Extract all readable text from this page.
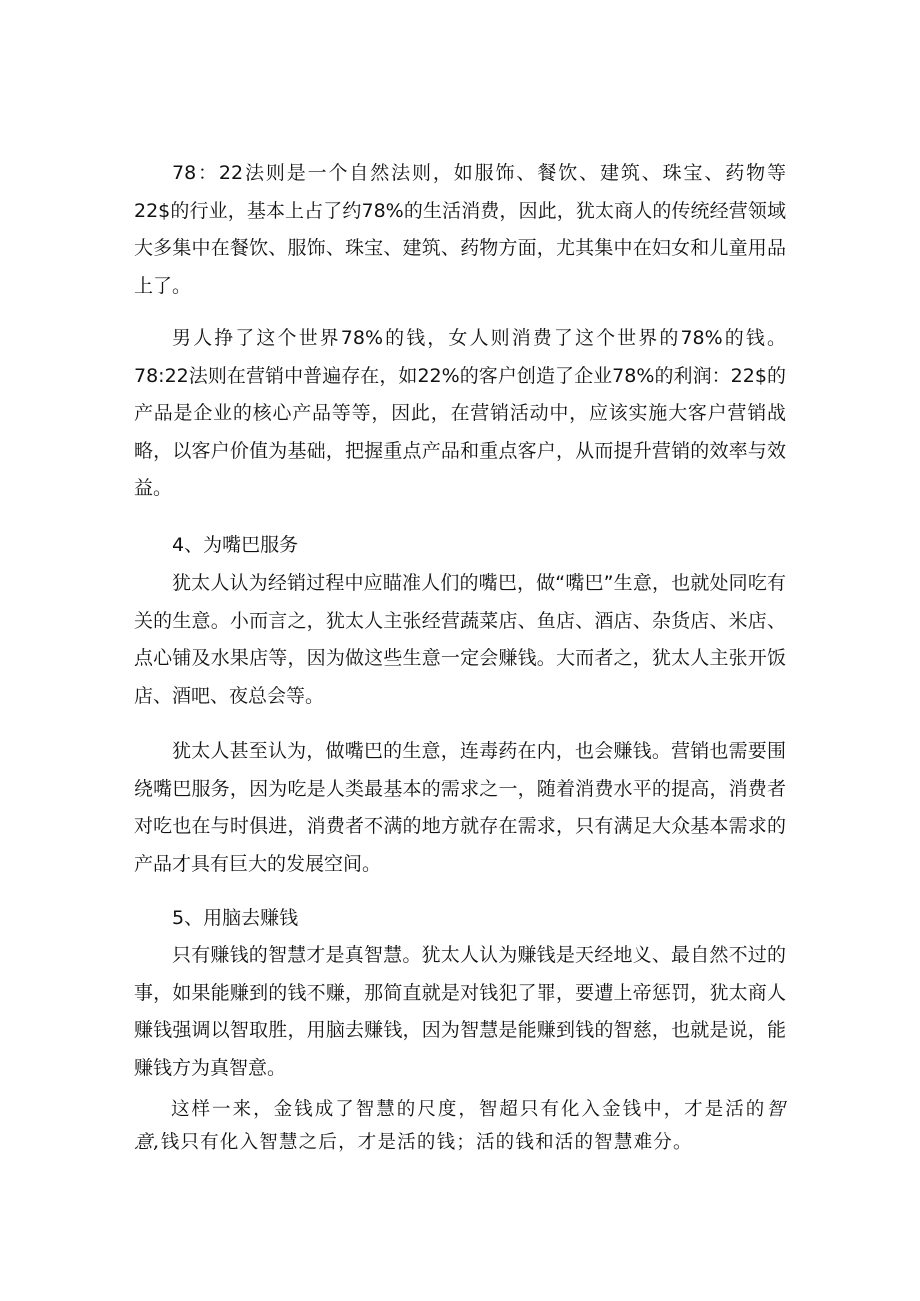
78：22法则是一个自然法则，如服饰、餐饮、建筑、珠宝、药物等22$的行业，基本上占了约78%的生活消费，因此，犹太商人的传统经营领域大多集中在餐饮、服饰、珠宝、建筑、药物方面，尤其集中在妇女和儿童用品上了。

男人挣了这个世界78%的钱，女人则消费了这个世界的78%的钱。78:22法则在营销中普遍存在，如22%的客户创造了企业78%的利润：22$的产品是企业的核心产品等等，因此，在营销活动中，应该实施大客户营销战略，以客户价值为基础，把握重点产品和重点客户，从而提升营销的效率与效益。

4、为嘴巴服务

犹太人认为经销过程中应瞄准人们的嘴巴，做“嘴巴”生意，也就处同吃有关的生意。小而言之，犹太人主张经营蔬菜店、鱼店、酒店、杂货店、米店、点心铺及水果店等，因为做这些生意一定会赚钱。大而者之，犹太人主张开饭店、酒吧、夜总会等。

犹太人甚至认为，做嘴巴的生意，连毒药在内，也会赚钱。营销也需要围绕嘴巴服务，因为吃是人类最基本的需求之一，随着消费水平的提高，消费者对吃也在与时俱进，消费者不满的地方就存在需求，只有满足大众基本需求的产品才具有巨大的发展空间。

5、用脑去赚钱

只有赚钱的智慧才是真智慧。犹太人认为赚钱是天经地义、最自然不过的事，如果能赚到的钱不赚，那简直就是对钱犯了罪，要遭上帝惩罚，犹太商人赚钱强调以智取胜，用脑去赚钱，因为智慧是能赚到钱的智慈，也就是说，能赚钱方为真智意。

这样一来，金钱成了智慧的尺度，智超只有化入金钱中，才是活的智意,钱只有化入智慧之后，才是活的钱；活的钱和活的智慧难分。
